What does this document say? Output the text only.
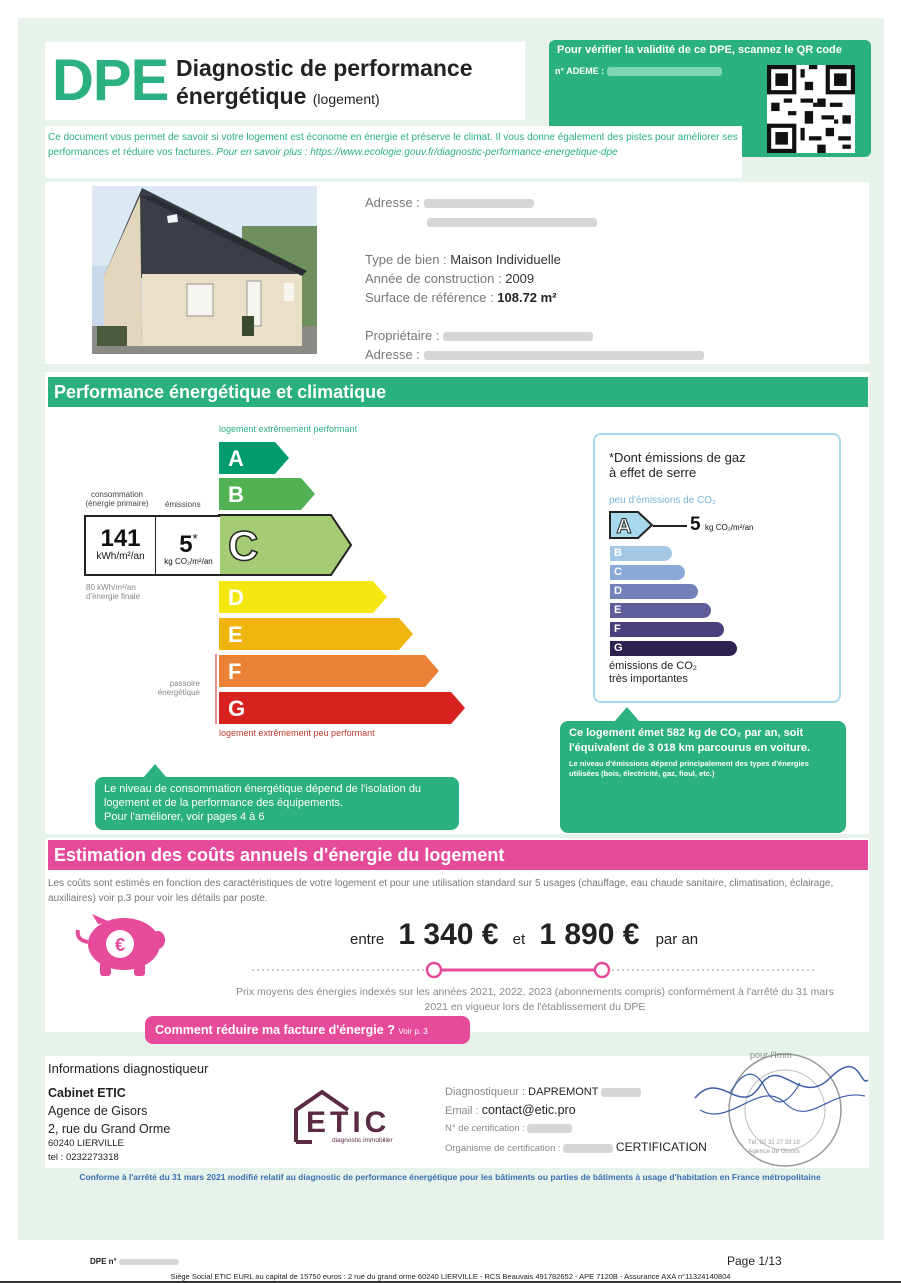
DPE Diagnostic de performance
énergétique (logement)
Pour vérifier la validité de ce DPE, scannez le QR code
n° ADEME :
Ce document vous permet de savoir si votre logement est économe en énergie et préserve le climat. Il vous donne également des pistes pour améliorer ses performances et réduire vos factures. Pour en savoir plus : https://www.ecologie.gouv.fr/diagnostic-performance-energetique-dpe
Adresse :
Type de bien : Maison Individuelle
Année de construction : 2009
Surface de référence : 108.72 m²
Propriétaire :
Adresse :
Performance énergétique et climatique
logement extrêmement performant
logement extrêmement peu performant
A
B
C
D
E
F
G
consommation
(énergie primaire)	émissions
141
kWh/m²/an	5*
kg CO₂/m²/an
80 kWh/m²/an
d'énergie finale
passoire
énergétique
*Dont émissions de gaz
à effet de serre
peu d'émissions de CO₂
A	5 kg CO₂/m²/an
B
C
D
E
F
G
émissions de CO₂
très importantes
Le niveau de consommation énergétique dépend de l'isolation du logement et de la performance des équipements.
Pour l'améliorer, voir pages 4 à 6
Ce logement émet 582 kg de CO₂ par an, soit l'équivalent de 3 018 km parcourus en voiture.
Le niveau d'émissions dépend principalement des types d'énergies utilisées (bois, électricité, gaz, fioul, etc.)
Estimation des coûts annuels d'énergie du logement
Les coûts sont estimés en fonction des caractéristiques de votre logement et pour une utilisation standard sur 5 usages (chauffage, eau chaude sanitaire, climatisation, éclairage, auxiliaires) voir p.3 pour voir les détails par poste.
€	entre 1 340 € et 1 890 € par an
Prix moyens des énergies indexés sur les années 2021, 2022, 2023 (abonnements compris) conformément à l'arrêté du 31 mars 2021 en vigueur lors de l'établissement du DPE
Comment réduire ma facture d'énergie ? Voir p. 3
Informations diagnostiqueur
Cabinet ETIC
Agence de Gisors
2, rue du Grand Orme
60240 LIERVILLE
tel : 0232273318
ETIC
diagnostic immobilier
Diagnostiqueur : DAPREMONT
Email : contact@etic.pro
N° de certification :
Organisme de certification :	CERTIFICATION
pour l'Imm
Tél. 02 32 27 33 18
Agence de Gisors
Conforme à l'arrêté du 31 mars 2021 modifié relatif au diagnostic de performance énergétique pour les bâtiments ou parties de bâtiments à usage d'habitation en France métropolitaine
DPE n°	Page 1/13
Siège Social ETIC EURL au capital de 15750 euros : 2 rue du grand orme 60240 LIERVILLE - RCS Beauvais 491782652 - APE 7120B - Assurance AXA n°11324140804
